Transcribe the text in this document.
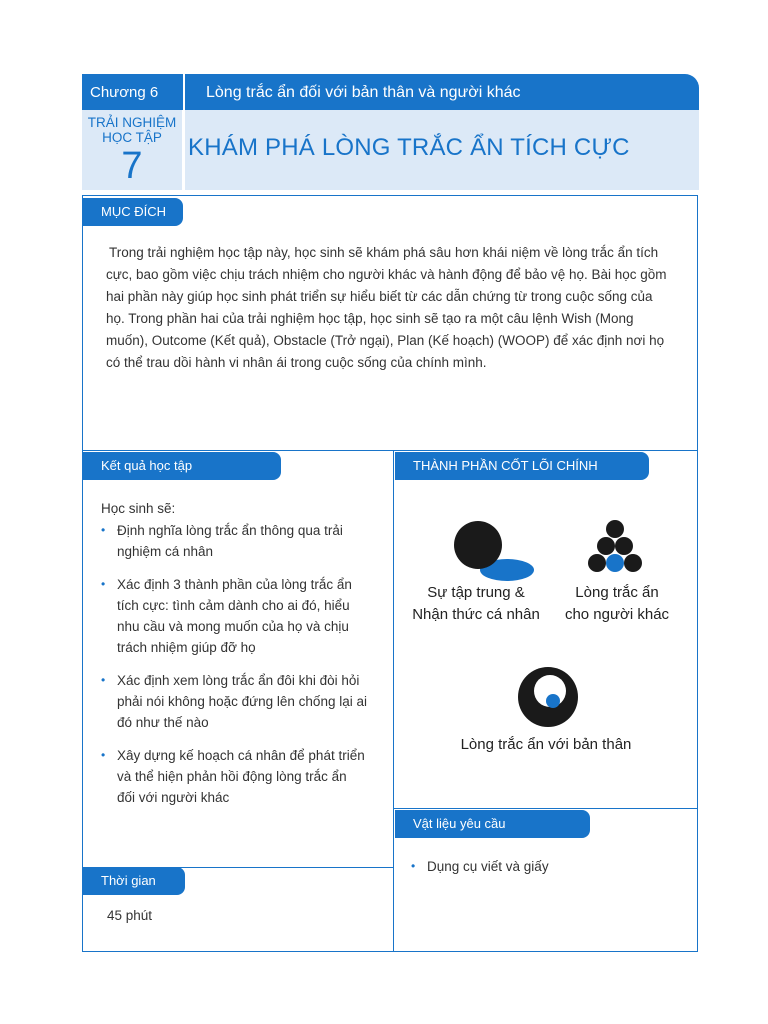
Chương 6	Lòng trắc ẩn đối với bản thân và người khác
TRẢI NGHIỆM
HỌC TẬP
7	KHÁM PHÁ LÒNG TRẮC ẨN TÍCH CỰC
MỤC ĐÍCH
Trong trải nghiệm học tập này, học sinh sẽ khám phá sâu hơn khái niệm về lòng trắc ẩn tích cực, bao gồm việc chịu trách nhiệm cho người khác và hành động để bảo vệ họ. Bài học gồm hai phần này giúp học sinh phát triển sự hiểu biết từ các dẫn chứng từ trong cuộc sống của họ. Trong phần hai của trải nghiệm học tập, học sinh sẽ tạo ra một câu lệnh Wish (Mong muốn), Outcome (Kết quả), Obstacle (Trở ngại), Plan (Kế hoạch) (WOOP) để xác định nơi họ có thể trau dồi hành vi nhân ái trong cuộc sống của chính mình.
Kết quả học tập
Học sinh sẽ:
• Định nghĩa lòng trắc ẩn thông qua trải nghiệm cá nhân
• Xác định 3 thành phần của lòng trắc ẩn tích cực: tình cảm dành cho ai đó, hiểu nhu cầu và mong muốn của họ và chịu trách nhiệm giúp đỡ họ
• Xác định xem lòng trắc ẩn đôi khi đòi hỏi phải nói không hoặc đứng lên chống lại ai đó như thế nào
• Xây dựng kế hoạch cá nhân để phát triển và thể hiện phản hồi động lòng trắc ẩn đối với người khác
Thời gian
45 phút
THÀNH PHẦN CỐT LÕI CHÍNH
Sự tập trung &
Nhận thức cá nhân
Lòng trắc ẩn
cho người khác
Lòng trắc ẩn với bản thân
Vật liệu yêu cầu
• Dụng cụ viết và giấy
